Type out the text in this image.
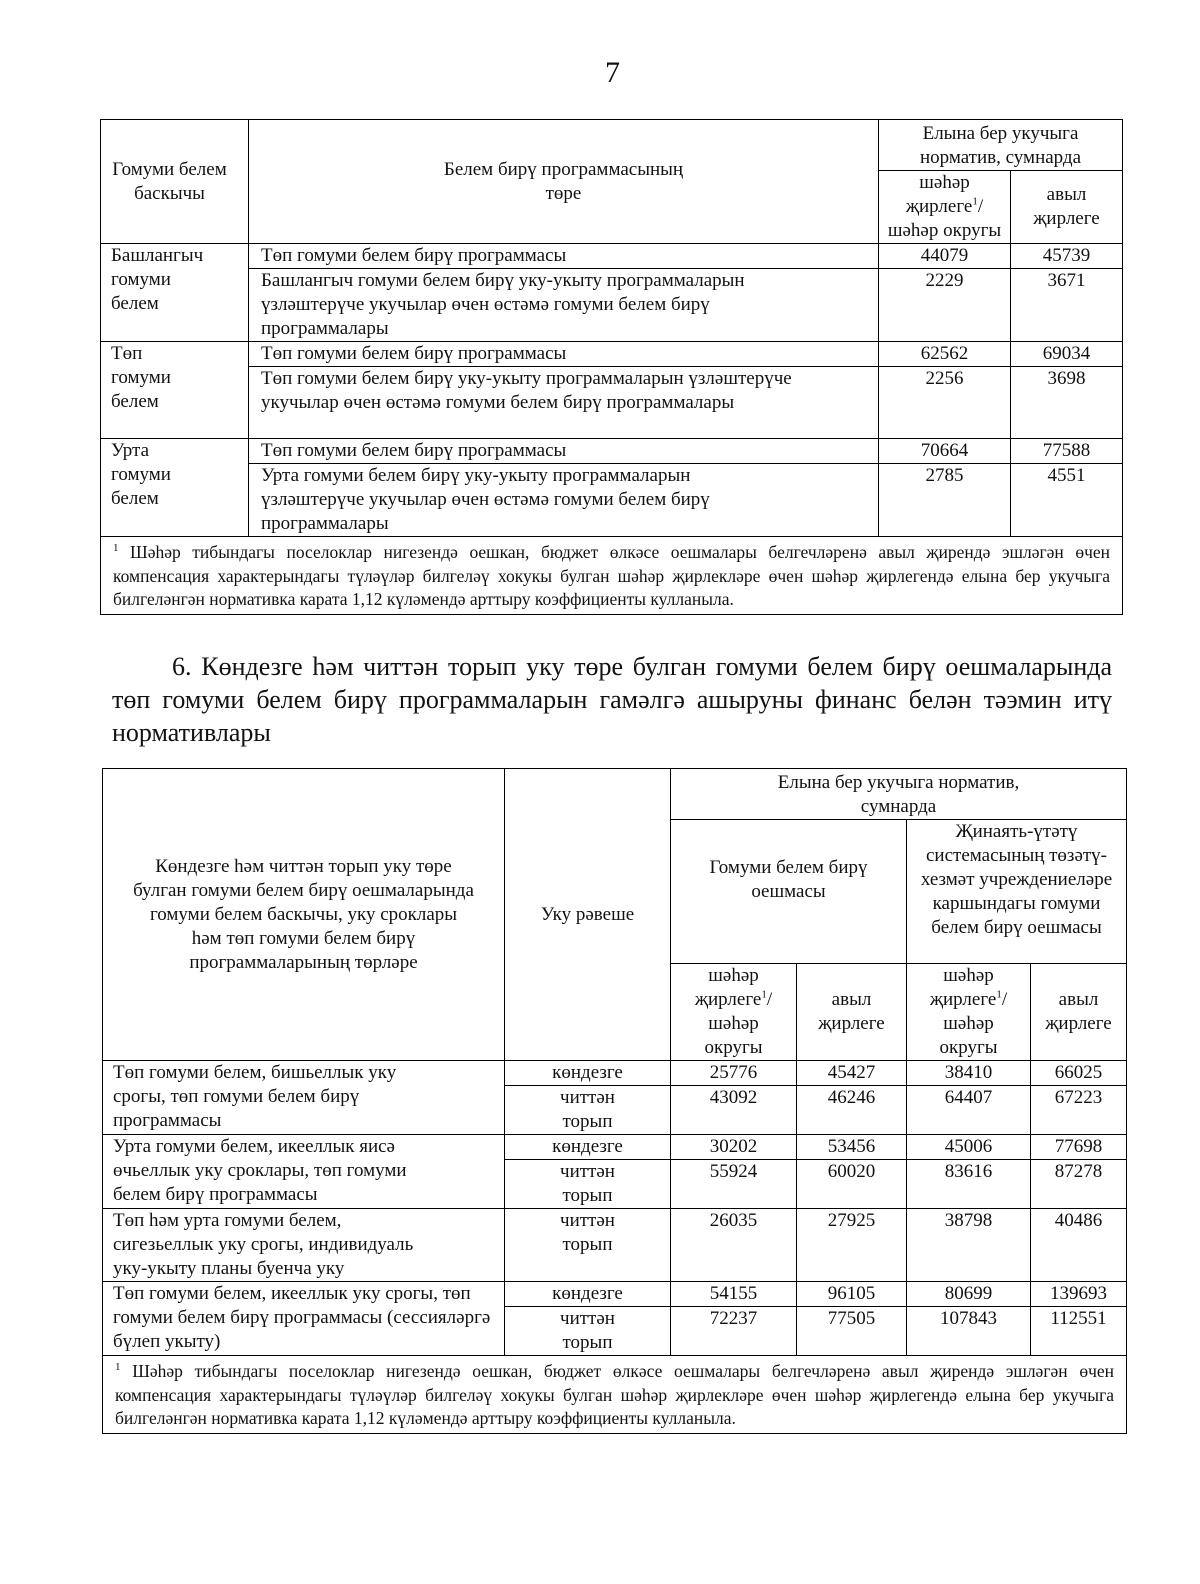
7
Гомуми белем баскычы	Белем бирү программасының төре	Елына бер укучыга норматив, сумнарда	

		шәһәр җирлеге$^1$/ шәһәр округы	авыл җирлеге

Башлангыч гомуми белем	Төп гомуми белем бирү программасы	44079	45739

	Башлангыч гомуми белем бирү уку-укыту программаларын үзләштерүче укучылар өчен өстәмә гомуми белем бирү программалары	2229	3671

Төп гомуми белем	Төп гомуми белем бирү программасы	62562	69034

	Төп гомуми белем бирү уку-укыту программаларын үзләштерүче укучылар өчен өстәмә гомуми белем бирү программалары	2256	3698

Урта гомуми белем	Төп гомуми белем бирү программасы	70664	77588

	Урта гомуми белем бирү уку-укыту программаларын үзләштерүче укучылар өчен өстәмә гомуми белем бирү программалары	2785	4551
$^1$ Шәһәр тибындагы поселоклар нигезендә оешкан, бюджет өлкәсе оешмалары белгечләренә авыл җирендә эшләгән өчен компенсация характерындагы түләүләр билгеләү хокукы булган шәһәр җирлекләре өчен шәһәр җирлегендә елына бер укучыга билгеләнгән нормативка карата 1,12 күләмендә арттыру коэффициенты кулланыла.			
6. Көндезге һәм читтән торып уку төре булган гомуми белем бирү оешмаларында төп гомуми белем бирү программаларын гамәлгә ашыруны финанс белән тәэмин итү нормативлары
Көндезге һәм читтән торып уку төре булган гомуми белем бирү оешмаларында гомуми белем баскычы, уку сроклары һәм төп гомуми белем бирү программаларының төрләре	Уку рәвеше	Елына бер укучыга норматив, сумнарда			

		Гомуми белем бирү оешмасы		Җинаять-үтәтү системасының төзәтү-хезмәт учреждениеләре каршындагы гомуми белем бирү оешмасы	

		шәһәр җирлеге$^1$/ шәһәр округы	авыл җирлеге	шәһәр җирлеге$^1$/ шәһәр округы	авыл җирлеге

Төп гомуми белем, бишьеллык уку срогы, төп гомуми белем бирү программасы	көндезге	25776	45427	38410	66025

	читтән торып	43092	46246	64407	67223

Урта гомуми белем, икееллык яисә өчьеллык уку сроклары, төп гомуми белем бирү программасы	көндезге	30202	53456	45006	77698

	читтән торып	55924	60020	83616	87278

Төп һәм урта гомуми белем, сигезьеллык уку срогы, индивидуаль уку-укыту планы буенча уку	читтән торып	26035	27925	38798	40486

Төп гомуми белем, икееллык уку срогы, төп гомуми белем бирү программасы (сессияләргә бүлеп укыту)	көндезге	54155	96105	80699	139693

	читтән торып	72237	77505	107843	112551
$^1$ Шәһәр тибындагы поселоклар нигезендә оешкан, бюджет өлкәсе оешмалары белгечләренә авыл җирендә эшләгән өчен компенсация характерындагы түләүләр билгеләү хокукы булган шәһәр җирлекләре өчен шәһәр җирлегендә елына бер укучыга билгеләнгән нормативка карата 1,12 күләмендә арттыру коэффициенты кулланыла.					
